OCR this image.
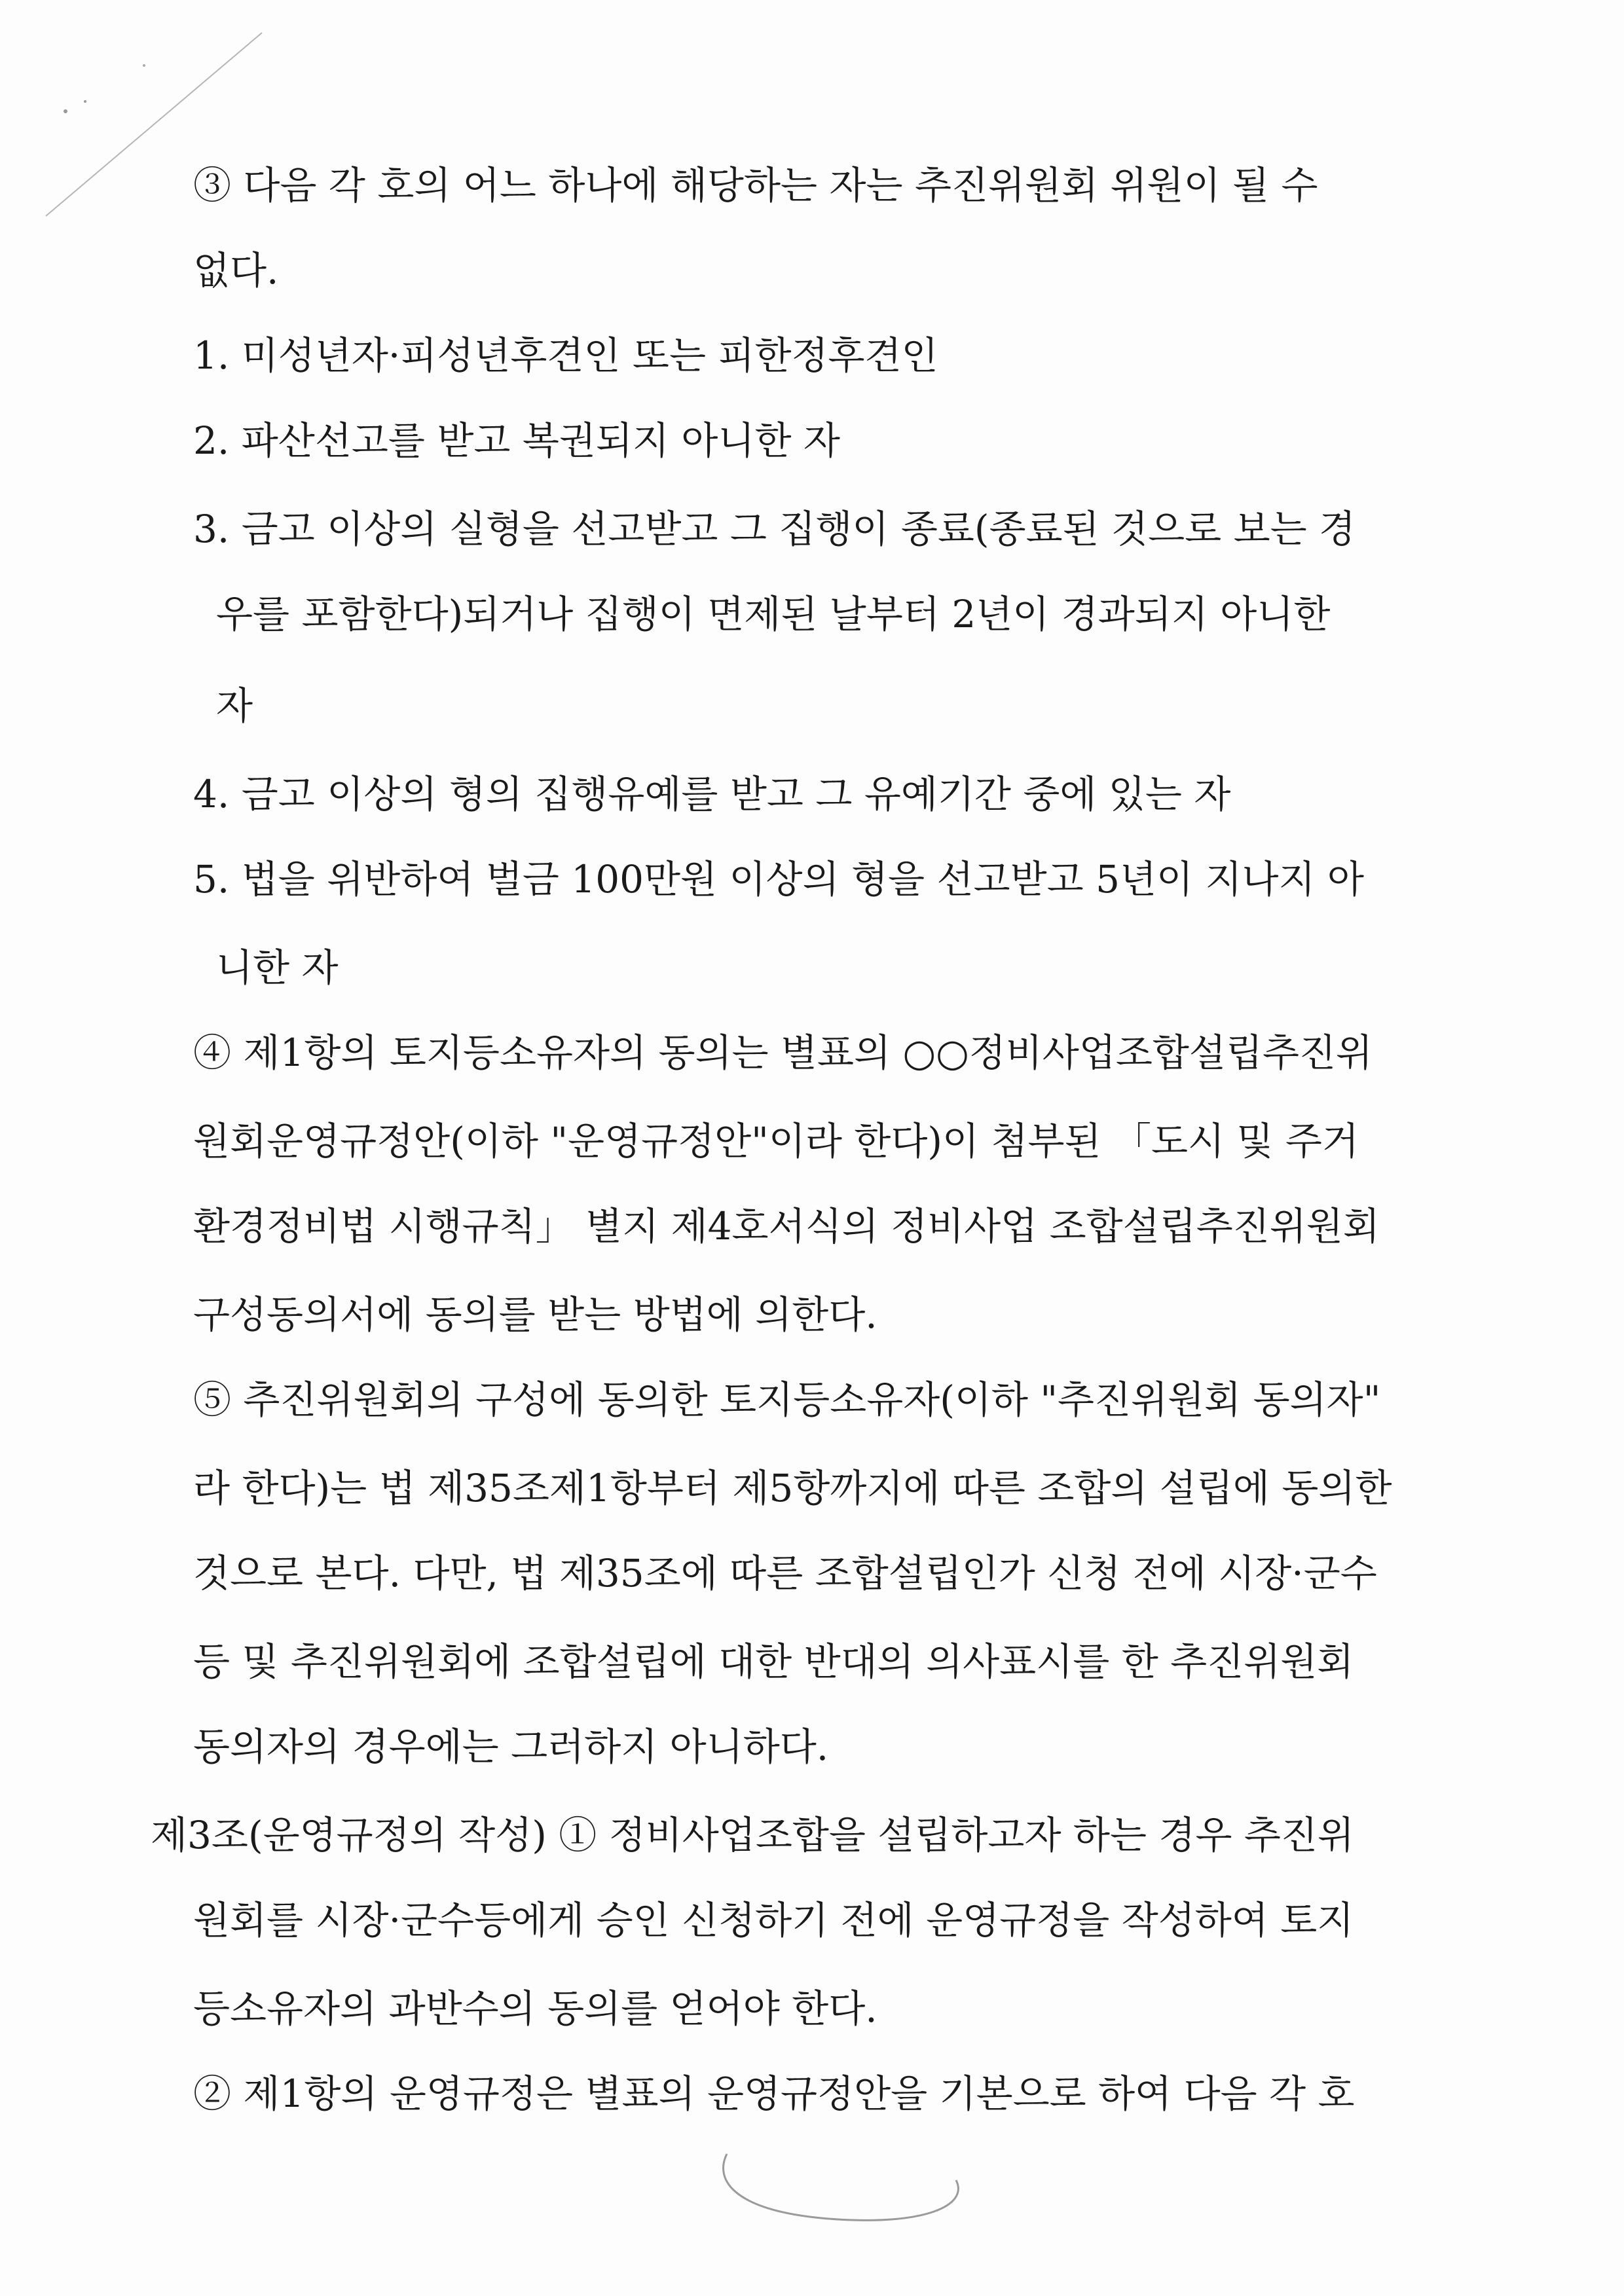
③ 다음 각 호의 어느 하나에 해당하는 자는 추진위원회 위원이 될 수
없다.
1. 미성년자·피성년후견인 또는 피한정후견인
2. 파산선고를 받고 복권되지 아니한 자
3. 금고 이상의 실형을 선고받고 그 집행이 종료(종료된 것으로 보는 경
우를 포함한다)되거나 집행이 면제된 날부터 2년이 경과되지 아니한
자
4. 금고 이상의 형의 집행유예를 받고 그 유예기간 중에 있는 자
5. 법을 위반하여 벌금 100만원 이상의 형을 선고받고 5년이 지나지 아
니한 자
④ 제1항의 토지등소유자의 동의는 별표의 ○○정비사업조합설립추진위
원회운영규정안(이하 "운영규정안"이라 한다)이 첨부된 「도시 및 주거
환경정비법 시행규칙」 별지 제4호서식의 정비사업 조합설립추진위원회
구성동의서에 동의를 받는 방법에 의한다.
⑤ 추진위원회의 구성에 동의한 토지등소유자(이하 "추진위원회 동의자"
라 한다)는 법 제35조제1항부터 제5항까지에 따른 조합의 설립에 동의한
것으로 본다. 다만, 법 제35조에 따른 조합설립인가 신청 전에 시장·군수
등 및 추진위원회에 조합설립에 대한 반대의 의사표시를 한 추진위원회
동의자의 경우에는 그러하지 아니하다.
제3조(운영규정의 작성) ① 정비사업조합을 설립하고자 하는 경우 추진위
원회를 시장·군수등에게 승인 신청하기 전에 운영규정을 작성하여 토지
등소유자의 과반수의 동의를 얻어야 한다.
② 제1항의 운영규정은 별표의 운영규정안을 기본으로 하여 다음 각 호
